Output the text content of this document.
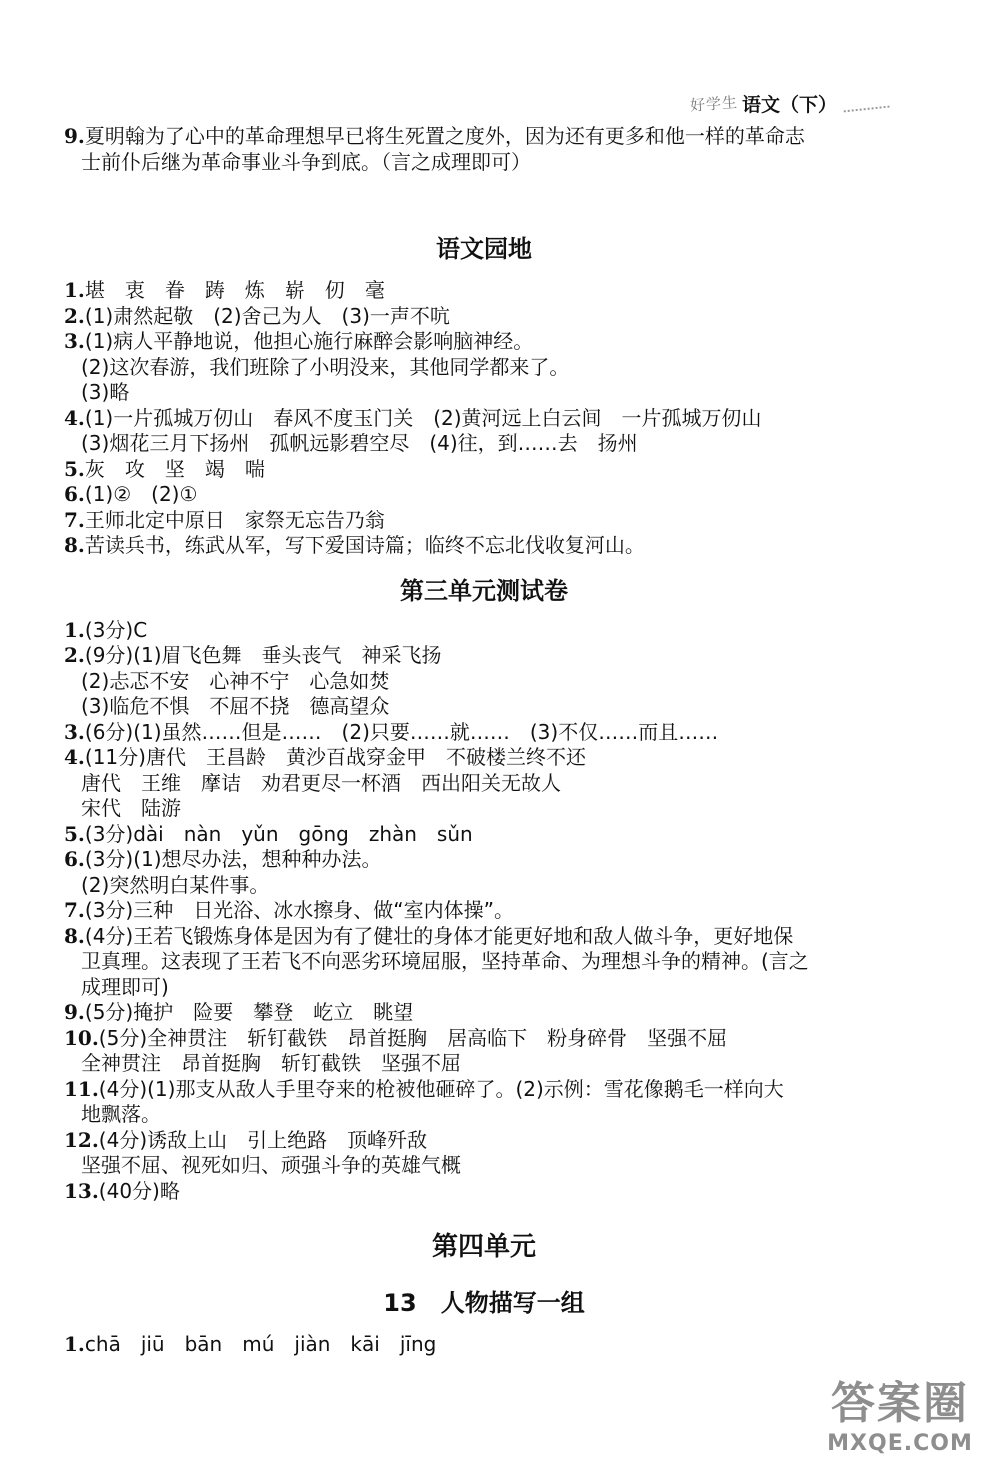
好学生 语文（下）
9.夏明翰为了心中的革命理想早已将生死置之度外，因为还有更多和他一样的革命志
士前仆后继为革命事业斗争到底。（言之成理即可）
语文园地
1.堪　衷　眷　踌　炼　崭　仞　毫
2.(1)肃然起敬　(2)舍己为人　(3)一声不吭
3.(1)病人平静地说，他担心施行麻醉会影响脑神经。
(2)这次春游，我们班除了小明没来，其他同学都来了。
(3)略
4.(1)一片孤城万仞山　春风不度玉门关　(2)黄河远上白云间　一片孤城万仞山
(3)烟花三月下扬州　孤帆远影碧空尽　(4)往，到……去　扬州
5.灰　攻　坚　竭　喘
6.(1)②　(2)①
7.王师北定中原日　家祭无忘告乃翁
8.苦读兵书，练武从军，写下爱国诗篇；临终不忘北伐收复河山。
第三单元测试卷
1.(3分)C
2.(9分)(1)眉飞色舞　垂头丧气　神采飞扬
(2)忐忑不安　心神不宁　心急如焚
(3)临危不惧　不屈不挠　德高望众
3.(6分)(1)虽然……但是……　(2)只要……就……　(3)不仅……而且……
4.(11分)唐代　王昌龄　黄沙百战穿金甲　不破楼兰终不还
唐代　王维　摩诘　劝君更尽一杯酒　西出阳关无故人
宋代　陆游
5.(3分)dài　nàn　yǔn　gōng　zhàn　sǔn
6.(3分)(1)想尽办法，想种种办法。
(2)突然明白某件事。
7.(3分)三种　日光浴、冰水擦身、做“室内体操”。
8.(4分)王若飞锻炼身体是因为有了健壮的身体才能更好地和敌人做斗争，更好地保
卫真理。这表现了王若飞不向恶劣环境屈服，坚持革命、为理想斗争的精神。(言之
成理即可)
9.(5分)掩护　险要　攀登　屹立　眺望
10.(5分)全神贯注　斩钉截铁　昂首挺胸　居高临下　粉身碎骨　坚强不屈
全神贯注　昂首挺胸　斩钉截铁　坚强不屈
11.(4分)(1)那支从敌人手里夺来的枪被他砸碎了。(2)示例：雪花像鹅毛一样向大
地飘落。
12.(4分)诱敌上山　引上绝路　顶峰歼敌
坚强不屈、视死如归、顽强斗争的英雄气概
13.(40分)略
第四单元
13　人物描写一组
1.chā　jiū　bān　mú　jiàn　kāi　jīng
答案圈
MXQE.COM
